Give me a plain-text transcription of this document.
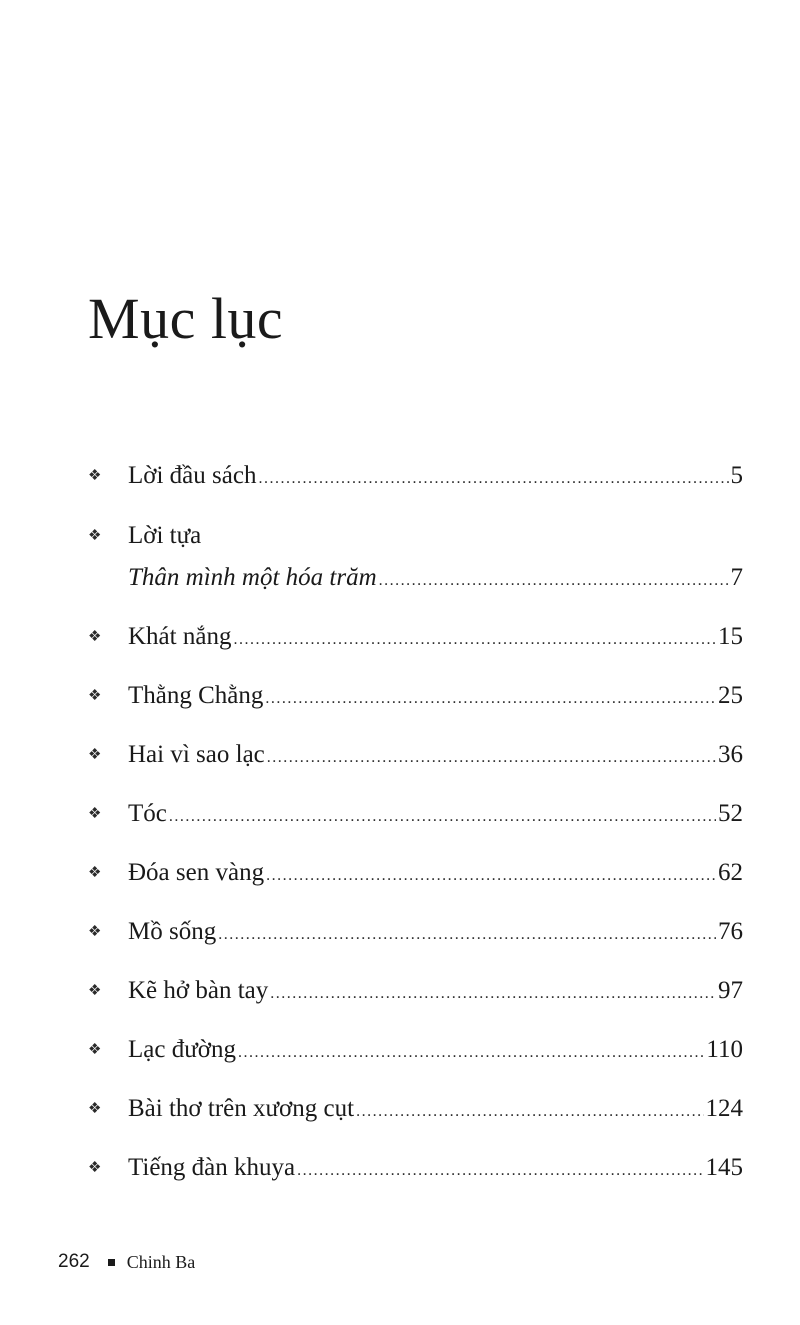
Mục lục
❖ Lời đầu sách .....	5
❖ Lời tựa
Thân mình một hóa trăm .....	7
❖ Khát nắng .....	15
❖ Thằng Chằng .....	25
❖ Hai vì sao lạc .....	36
❖ Tóc .....	52
❖ Đóa sen vàng .....	62
❖ Mồ sống .....	76
❖ Kẽ hở bàn tay .....	97
❖ Lạc đường .....	110
❖ Bài thơ trên xương cụt .....	124
❖ Tiếng đàn khuya .....	145
262 Chinh Ba
